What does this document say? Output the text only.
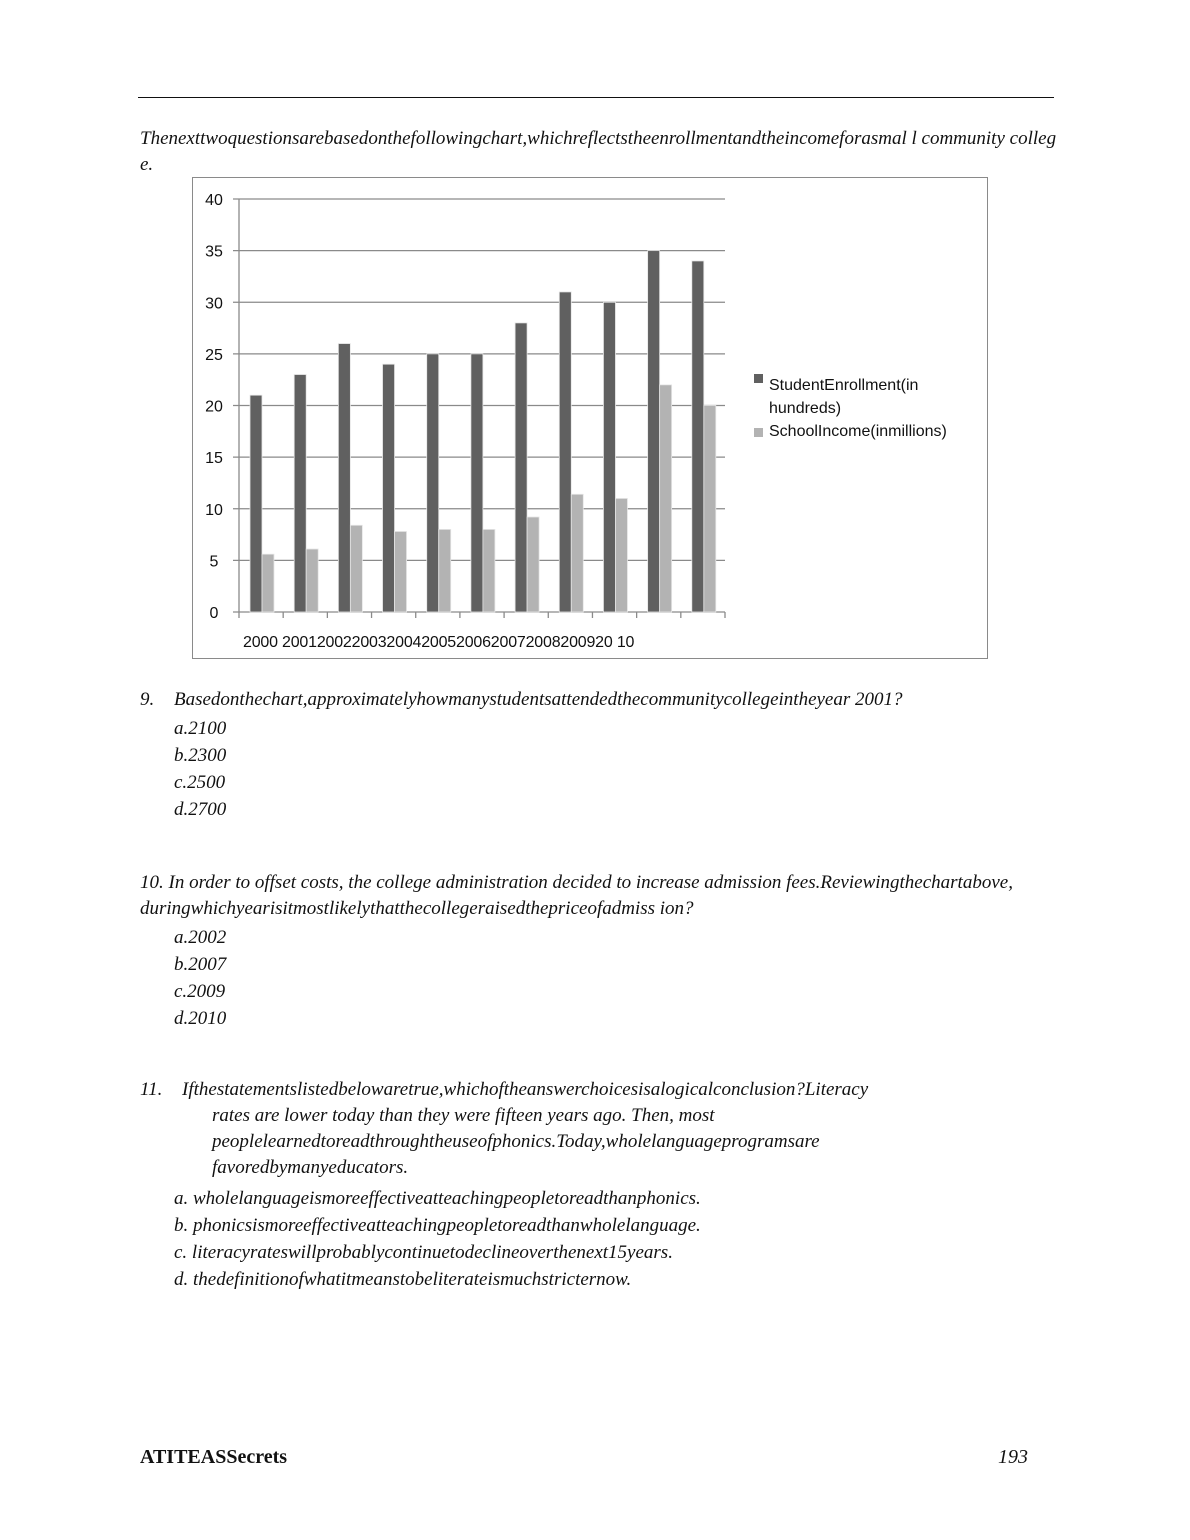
Thenexttwoquestionsarebasedonthefollowingchart,whichreflectstheenrollmentandtheincomeforasmal l community college.
0
5
10
15
20
25
30
35
40
2000 20012002200320042005200620072008200920 10
StudentEnrollment(in
hundreds)
SchoolIncome(inmillions)
9. Basedonthechart,approximatelyhowmanystudentsattendedthecommunitycollegeintheyear 2001?
a.2100
b.2300
c.2500
d.2700
10. In order to offset costs, the college administration decided to increase admission fees.Reviewingthechartabove,duringwhichyearisitmostlikelythatthecollegeraisedthepriceofadmiss ion?
a.2002
b.2007
c.2009
d.2010
11. Ifthestatementslistedbelowaretrue,whichoftheanswerchoicesisalogicalconclusion?Literacy
rates are lower today than they were fifteen years ago. Then, most peoplelearnedtoreadthroughtheuseofphonics.Today,wholelanguageprogramsare favoredbymanyeducators.
a. wholelanguageismoreeffectiveatteachingpeopletoreadthanphonics.
b. phonicsismoreeffectiveatteachingpeopletoreadthanwholelanguage.
c. literacyrateswillprobablycontinuetodeclineoverthenext15years.
d. thedefinitionofwhatitmeanstobeliterateismuchstricternow.
ATITEASSecrets	193
